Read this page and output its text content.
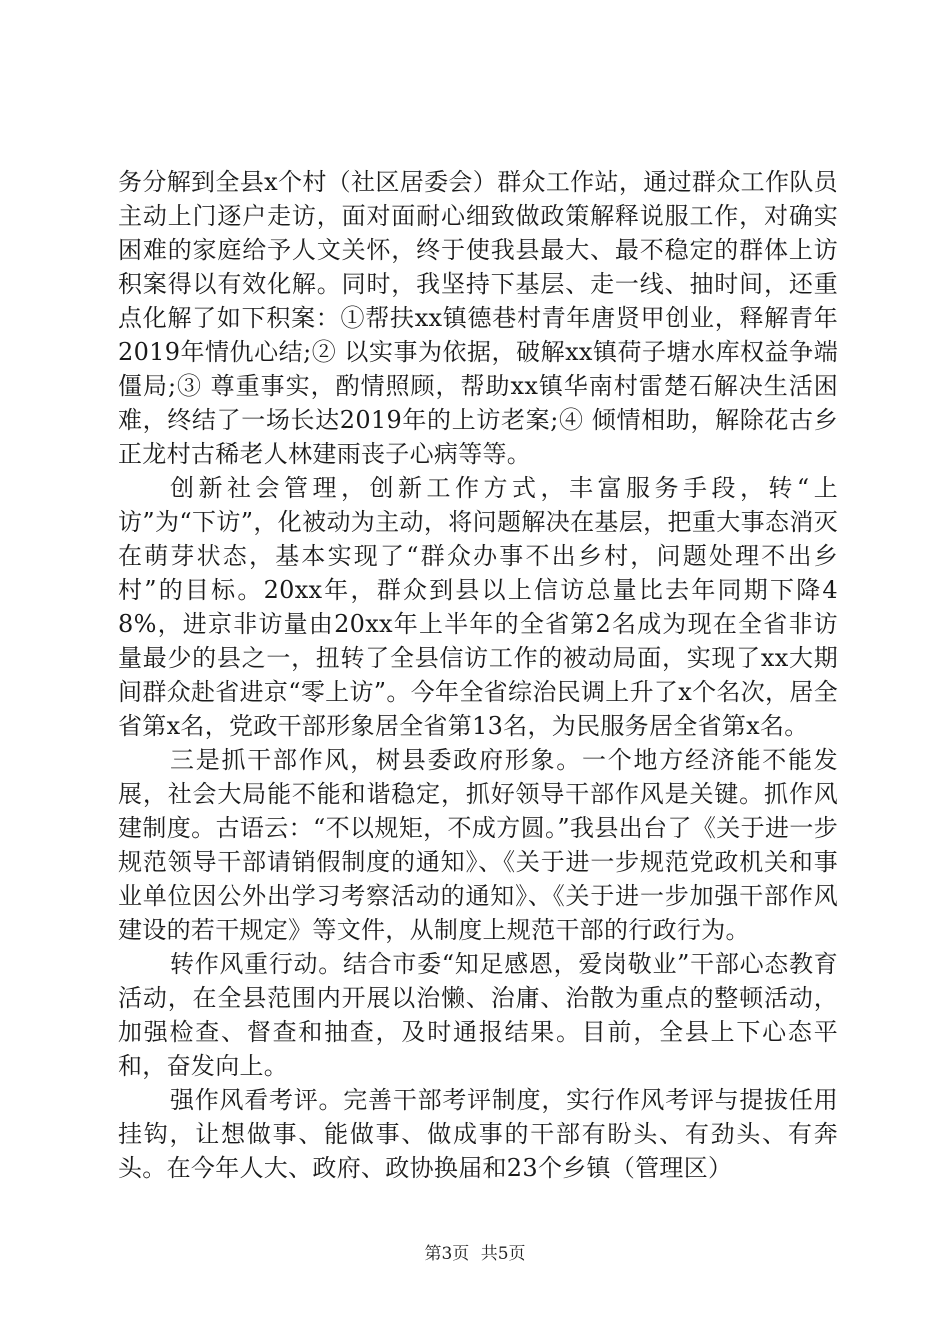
务分解到全县x个村（社区居委会）群众工作站，通过群众工作队员主动上门逐户走访，面对面耐心细致做政策解释说服工作，对确实困难的家庭给予人文关怀，终于使我县最大、最不稳定的群体上访积案得以有效化解。同时，我坚持下基层、走一线、抽时间，还重点化解了如下积案：①帮扶xx镇德巷村青年唐贤甲创业，释解青年2019年情仇心结;② 以实事为依据，破解xx镇荷子塘水库权益争端僵局;③ 尊重事实，酌情照顾，帮助xx镇华南村雷楚石解决生活困难，终结了一场长达2019年的上访老案;④ 倾情相助，解除花古乡正龙村古稀老人林建雨丧子心病等等。

创新社会管理，创新工作方式，丰富服务手段，转“上访”为“下访”，化被动为主动，将问题解决在基层，把重大事态消灭在萌芽状态，基本实现了“群众办事不出乡村，问题处理不出乡村”的目标。20xx年，群众到县以上信访总量比去年同期下降48%，进京非访量由20xx年上半年的全省第2名成为现在全省非访量最少的县之一，扭转了全县信访工作的被动局面，实现了xx大期间群众赴省进京“零上访”。今年全省综治民调上升了x个名次，居全省第x名，党政干部形象居全省第13名，为民服务居全省第x名。

三是抓干部作风，树县委政府形象。一个地方经济能不能发展，社会大局能不能和谐稳定，抓好领导干部作风是关键。抓作风建制度。古语云：“不以规矩，不成方圆。”我县出台了《关于进一步规范领导干部请销假制度的通知》、《关于进一步规范党政机关和事业单位因公外出学习考察活动的通知》、《关于进一步加强干部作风建设的若干规定》等文件，从制度上规范干部的行政行为。

转作风重行动。结合市委“知足感恩，爱岗敬业”干部心态教育活动，在全县范围内开展以治懒、治庸、治散为重点的整顿活动，加强检查、督查和抽查，及时通报结果。目前，全县上下心态平和，奋发向上。

强作风看考评。完善干部考评制度，实行作风考评与提拔任用挂钩，让想做事、能做事、做成事的干部有盼头、有劲头、有奔头。在今年人大、政府、政协换届和23个乡镇（管理区）

第3页 共5页
